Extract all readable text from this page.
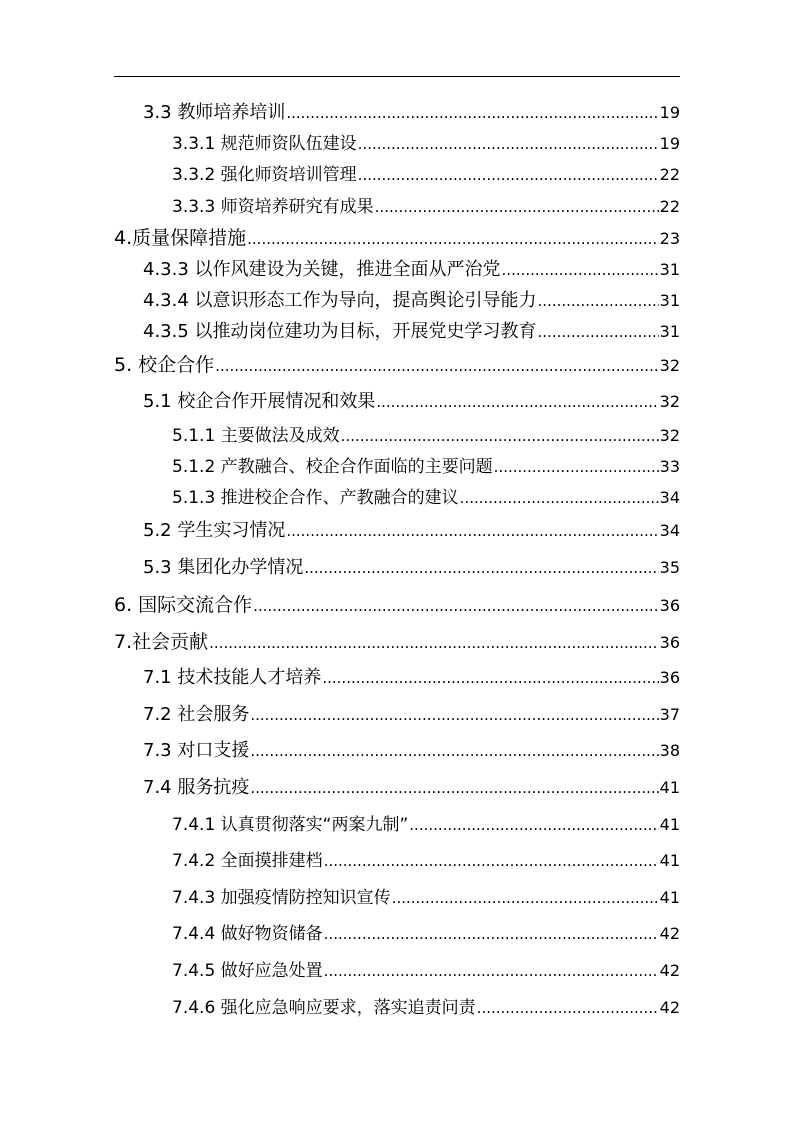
3.3 教师培养培训 .....	19
3.3.1 规范师资队伍建设 .....	19
3.3.2 强化师资培训管理 .....	22
3.3.3 师资培养研究有成果 .....	22
4.质量保障措施 .....	23
4.3.3 以作风建设为关键，推进全面从严治党 .....	31
4.3.4 以意识形态工作为导向，提高舆论引导能力 .....	31
4.3.5 以推动岗位建功为目标，开展党史学习教育 .....	31
5. 校企合作 .....	32
5.1 校企合作开展情况和效果 .....	32
5.1.1 主要做法及成效 .....	32
5.1.2 产教融合、校企合作面临的主要问题 .....	33
5.1.3 推进校企合作、产教融合的建议 .....	34
5.2 学生实习情况 .....	34
5.3 集团化办学情况 .....	35
6. 国际交流合作 .....	36
7.社会贡献 .....	36
7.1 技术技能人才培养 .....	36
7.2 社会服务 .....	37
7.3 对口支援 .....	38
7.4 服务抗疫 .....	41
7.4.1 认真贯彻落实“两案九制” .....	41
7.4.2 全面摸排建档 .....	41
7.4.3 加强疫情防控知识宣传 .....	41
7.4.4 做好物资储备 .....	42
7.4.5 做好应急处置 .....	42
7.4.6 强化应急响应要求，落实追责问责 .....	42
